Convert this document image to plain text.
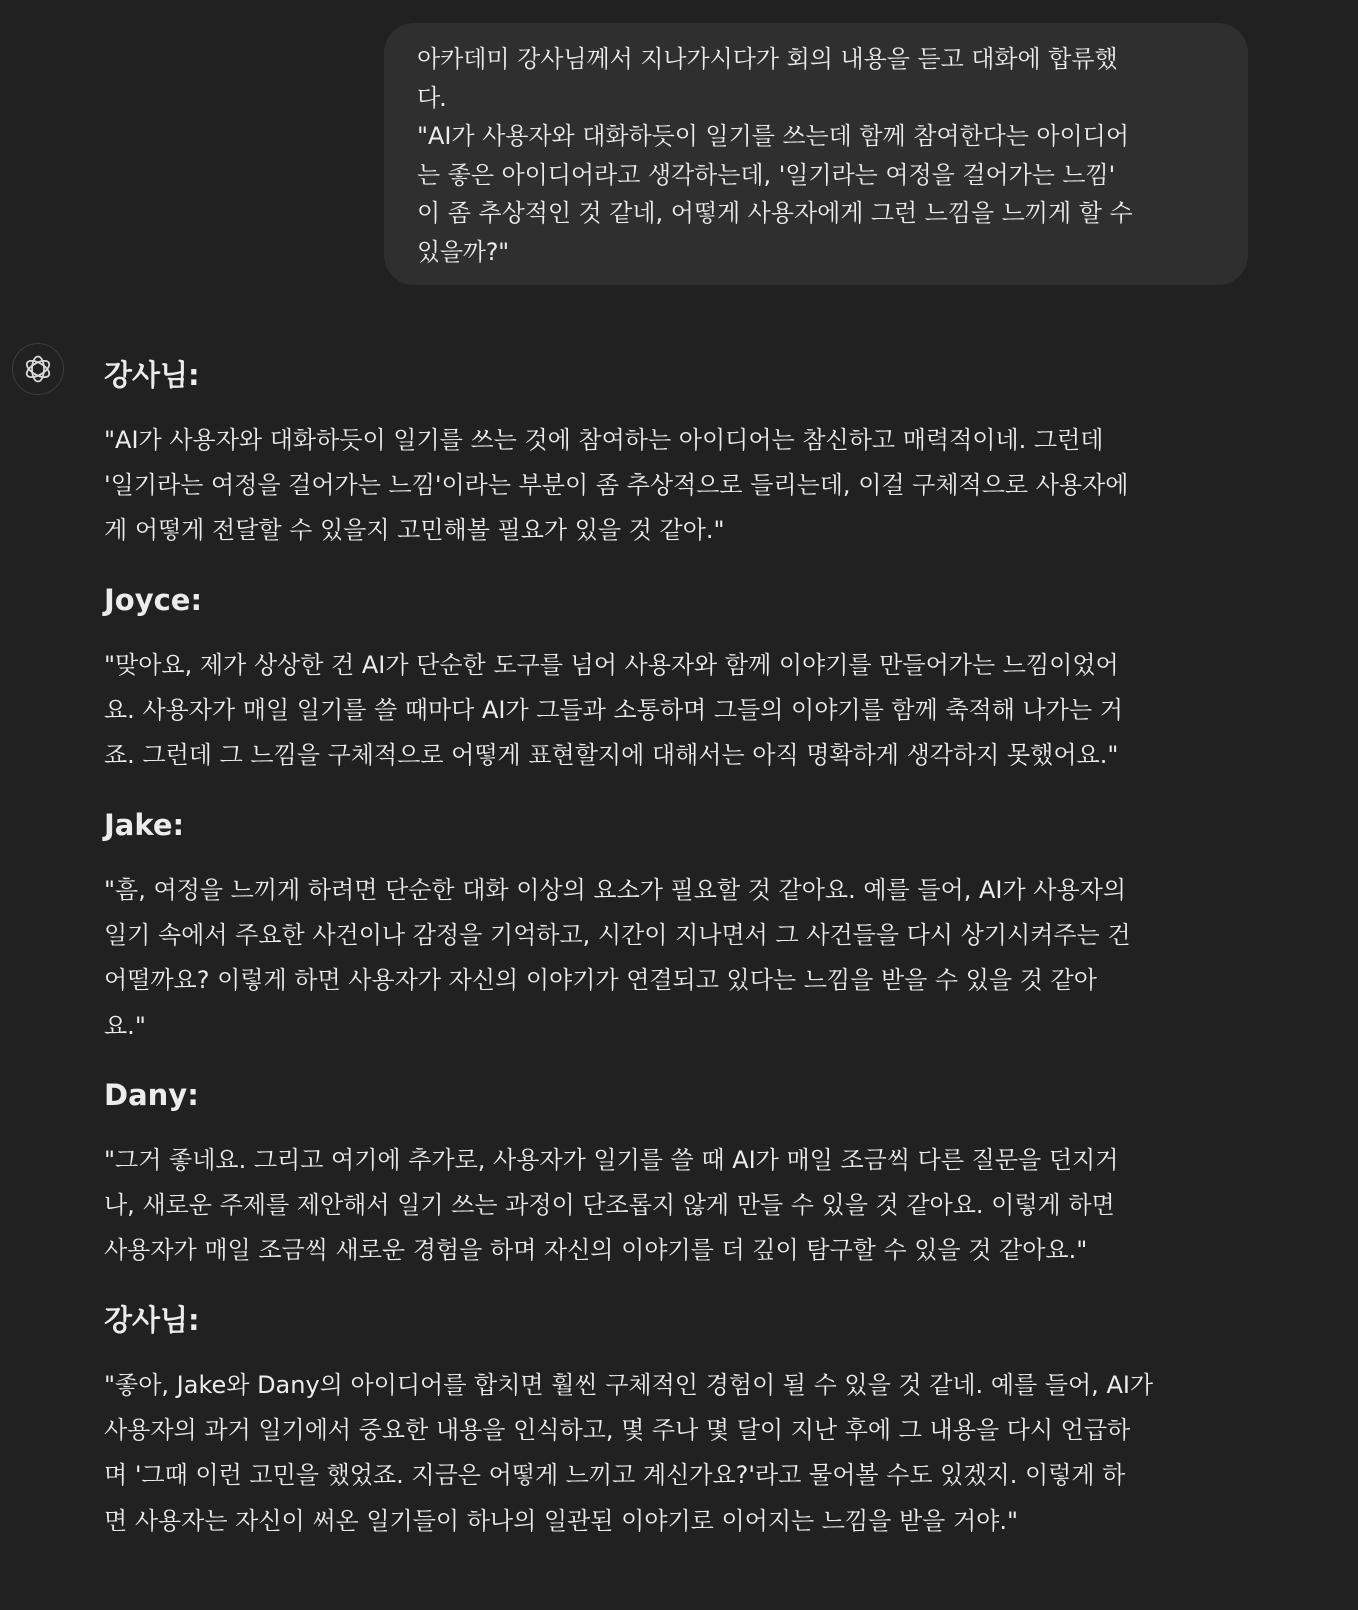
아카데미 강사님께서 지나가시다가 회의 내용을 듣고 대화에 합류했
다.
"AI가 사용자와 대화하듯이 일기를 쓰는데 함께 참여한다는 아이디어
는 좋은 아이디어라고 생각하는데, '일기라는 여정을 걸어가는 느낌'
이 좀 추상적인 것 같네, 어떻게 사용자에게 그런 느낌을 느끼게 할 수
있을까?"
강사님:
"AI가 사용자와 대화하듯이 일기를 쓰는 것에 참여하는 아이디어는 참신하고 매력적이네. 그런데
'일기라는 여정을 걸어가는 느낌'이라는 부분이 좀 추상적으로 들리는데, 이걸 구체적으로 사용자에
게 어떻게 전달할 수 있을지 고민해볼 필요가 있을 것 같아."
Joyce:
"맞아요, 제가 상상한 건 AI가 단순한 도구를 넘어 사용자와 함께 이야기를 만들어가는 느낌이었어
요. 사용자가 매일 일기를 쓸 때마다 AI가 그들과 소통하며 그들의 이야기를 함께 축적해 나가는 거
죠. 그런데 그 느낌을 구체적으로 어떻게 표현할지에 대해서는 아직 명확하게 생각하지 못했어요."
Jake:
"흠, 여정을 느끼게 하려면 단순한 대화 이상의 요소가 필요할 것 같아요. 예를 들어, AI가 사용자의
일기 속에서 주요한 사건이나 감정을 기억하고, 시간이 지나면서 그 사건들을 다시 상기시켜주는 건
어떨까요? 이렇게 하면 사용자가 자신의 이야기가 연결되고 있다는 느낌을 받을 수 있을 것 같아
요."
Dany:
"그거 좋네요. 그리고 여기에 추가로, 사용자가 일기를 쓸 때 AI가 매일 조금씩 다른 질문을 던지거
나, 새로운 주제를 제안해서 일기 쓰는 과정이 단조롭지 않게 만들 수 있을 것 같아요. 이렇게 하면
사용자가 매일 조금씩 새로운 경험을 하며 자신의 이야기를 더 깊이 탐구할 수 있을 것 같아요."
강사님:
"좋아, Jake와 Dany의 아이디어를 합치면 훨씬 구체적인 경험이 될 수 있을 것 같네. 예를 들어, AI가
사용자의 과거 일기에서 중요한 내용을 인식하고, 몇 주나 몇 달이 지난 후에 그 내용을 다시 언급하
며 '그때 이런 고민을 했었죠. 지금은 어떻게 느끼고 계신가요?'라고 물어볼 수도 있겠지. 이렇게 하
면 사용자는 자신이 써온 일기들이 하나의 일관된 이야기로 이어지는 느낌을 받을 거야."
